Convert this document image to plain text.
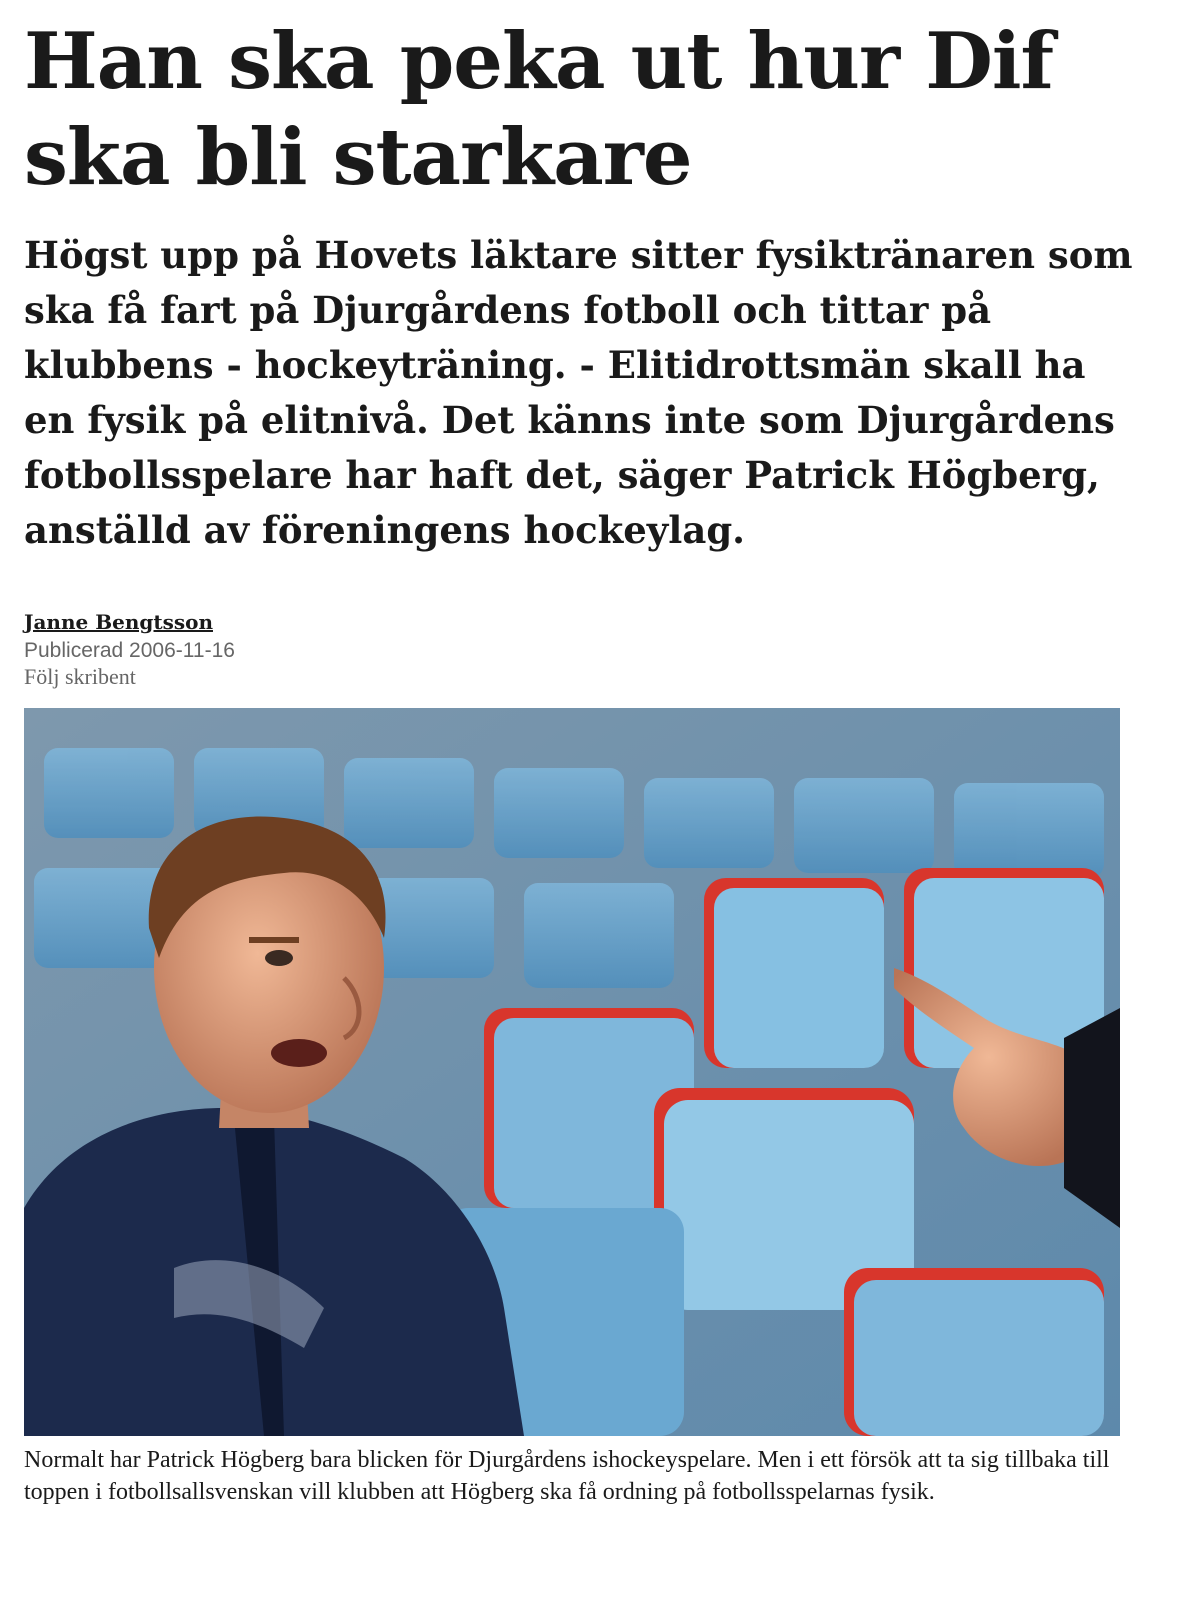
Han ska peka ut hur Dif ska bli starkare

Högst upp på Hovets läktare sitter fysiktränaren som ska få fart på Djurgårdens fotboll och tittar på klubbens - hockeyträning. - Elitidrottsmän skall ha en fysik på elitnivå. Det känns inte som Djurgårdens fotbollsspelare har haft det, säger Patrick Högberg, anställd av föreningens hockeylag.

Janne Bengtsson
Publicerad 2006-11-16
Följ skribent

Normalt har Patrick Högberg bara blicken för Djurgårdens ishockeyspelare. Men i ett försök att ta sig tillbaka till toppen i fotbollsallsvenskan vill klubben att Högberg ska få ordning på fotbollsspelarnas fysik.
